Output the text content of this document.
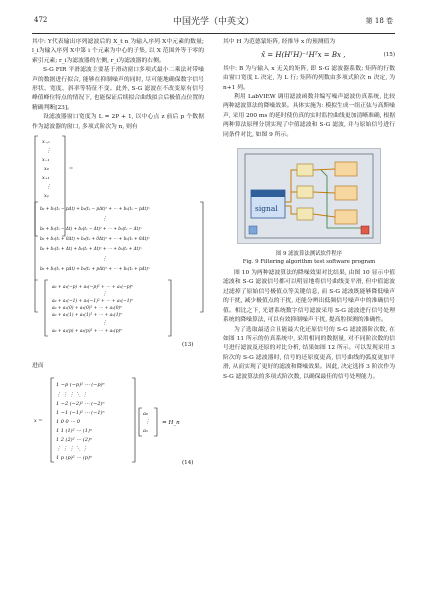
472	中国光学（中英文）	第 18 卷

其中: Y代表输出序列滤波后的 X_t n 为输入序列 X中元素的数量; l_i为输入序列 X中第 i 个元素为中心的子集, 以 X 范围外等于零的索引元素; r_i为滤波器的左侧, r_i为滤波器的右侧。

S-G FIR 平滑滤波主要基于滑动窗口多项式最小二乘法对带噪声的数据进行拟合, 能够在抑制噪声的同时, 尽可能地确保数字信号形状、宽度、斜率等特征不变。此外, S-G 滤波在不改变原有信号峰值峰位特点的情况下, 也能保证后续拟合曲线拟合后极值点位置的精确判断[23]。

设滤波器窗口宽度为 L = 2P + 1, 以中心点 z 前后 p 个数据作为滤波器的窗口, 多项式阶次为 n, 则有

x₋ₚ
⋮
x₋₁
x₀
x₊₁
⋮
xₚ
=
b₀ + b₁(tₓ − pΔt) + b₂(tₓ − pΔt)² + ⋯ + bₙ(tₓ − pΔt)ⁿ
⋮
b₀ + b₁(tₓ − Δt) + b₂(tₓ − Δt)² + ⋯ + bₙ(tₓ − Δt)ⁿ
b₀ + b₁(tₓ + 0Δt) + b₂(tₓ + 0Δt)² + ⋯ + bₙ(tₓ + 0Δt)ⁿ
b₀ + b₁(tₓ + Δt) + b₂(tₓ + Δt)² + ⋯ + bₙ(tₓ + Δt)ⁿ
⋮
b₀ + b₁(tₓ + pΔt) + b₂(tₓ + pΔt)² + ⋯ + bₙ(tₓ + pΔt)ⁿ
=
a₀ + a₁(−p) + a₂(−p)² + ⋯ + aₙ(−p)ⁿ
⋮
a₀ + a₁(−1) + a₂(−1)² + ⋯ + aₙ(−1)ⁿ
a₀ + a₁(0) + a₂(0)² + ⋯ + aₙ(0)ⁿ
a₀ + a₁(1) + a₂(1)² + ⋯ + aₙ(1)ⁿ
⋮
a₀ + a₁(p) + a₂(p)² + ⋯ + aₙ(p)ⁿ
(13)

进而

x =
1 −p (−p)² ⋯ (−p)ⁿ
⋮ ⋮ ⋮ ⋱ ⋮
1 −2 (−2)² ⋯ (−2)ⁿ
1 −1 (−1)² ⋯ (−1)ⁿ
1 0 0 ⋯ 0
1 1 (1)² ⋯ (1)ⁿ
1 2 (2)² ⋯ (2)ⁿ
⋮ ⋮ ⋮ ⋱ ⋮
1 p (p)² ⋯ (p)ⁿ
a₀
⋮
aₙ
= H_n
(14)

其中 H 为范德蒙矩阵, 经推导 x 的预测值为

x̂ = H(HᵀH)⁻¹Hᵀx = Bx ,	(15)

其中: B 为与输入 x 无关的矩阵, 即 S-G 滤波器系数; 矩阵的行数由窗口宽度 L 决定, 为 L 行; 矩阵的列数由多项式阶次 n 决定, 为 n+1 列。

利用 LabVIEW 调用滤波函数并编写噪声滤波仿真系统, 比较两种滤波算法的降噪效果。具体实施为: 模拟生成一组正弦与高斯噪声, 采用 200 ms 的延时使仿真的实时监控曲线更加清晰准确, 根据两种算法原理分别实现了中值滤波和 S-G 滤波, 并与原始信号进行同条件对比, 如图 9 所示。

signal
图 9 滤波算法测试软件程序
Fig. 9 Filtering algorithm test software program

图 10 为两种滤波算法的降噪效果对比结果, 由图 10 显示中值滤波和 S-G 滤波信号都可以明显地将信号曲线变平滑, 但中值滤波过滤掉了原始信号极值点等关键信息, 而 S-G 滤波既能够降低噪声的干扰, 减少极值点的干扰, 还能分辨出低频信号噪声中的准确信号值。相比之下, 光谱系统数字信号滤波采用 S-G 滤波进行信号处理系统的降噪算法, 可以有效抑制噪声干扰, 提高腔探测的准确性。

为了选取最适合且能最大化还原信号的 S-G 滤波器阶次数, 在如图 11 所示的仿真系统中, 采用相同的数据量, 对不同阶次数的信号进行滤波及还原的对比分析, 结果如图 12 所示。可以发现采用 3 阶次的 S-G 滤波器时, 信号的还原度更高, 信号曲线的弧度更加平滑, 从而实现了更好的滤波和降噪效果。因此, 决定选择 3 阶次作为 S-G 滤波算法的多项式阶次数, 以确保最佳的信号处理能力。
